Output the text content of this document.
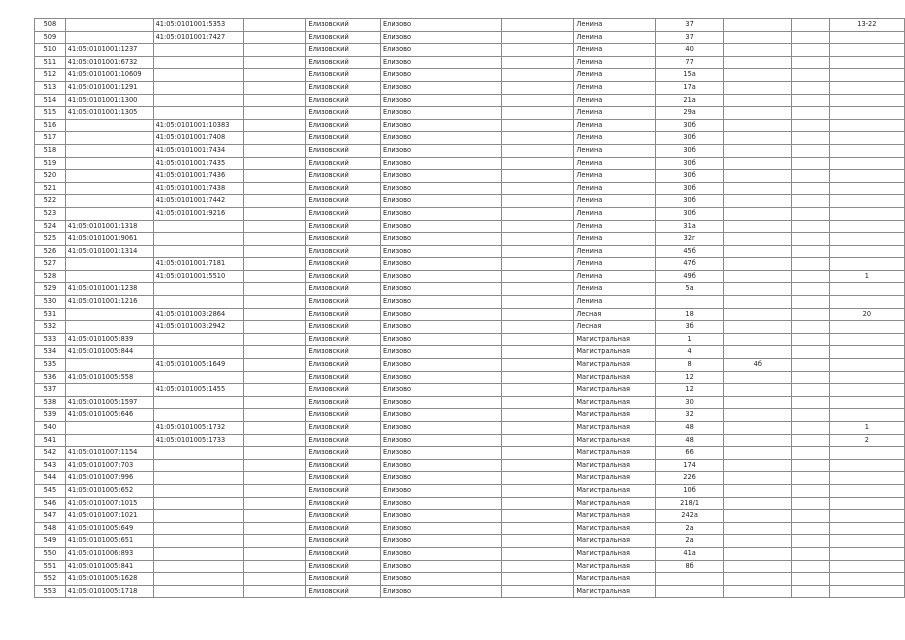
508		41:05:0101001:5353		Елизовский	Елизово		Ленина	37			13-22
509		41:05:0101001:7427		Елизовский	Елизово		Ленина	37			
510	41:05:0101001:1237			Елизовский	Елизово		Ленина	40			
511	41:05:0101001:6732			Елизовский	Елизово		Ленина	77			
512	41:05:0101001:10609			Елизовский	Елизово		Ленина	15а			
513	41:05:0101001:1291			Елизовский	Елизово		Ленина	17а			
514	41:05:0101001:1300			Елизовский	Елизово		Ленина	21а			
515	41:05:0101001:1305			Елизовский	Елизово		Ленина	29а			
516		41:05:0101001:10383		Елизовский	Елизово		Ленина	30б			
517		41:05:0101001:7408		Елизовский	Елизово		Ленина	30б			
518		41:05:0101001:7434		Елизовский	Елизово		Ленина	30б			
519		41:05:0101001:7435		Елизовский	Елизово		Ленина	30б			
520		41:05:0101001:7436		Елизовский	Елизово		Ленина	30б			
521		41:05:0101001:7438		Елизовский	Елизово		Ленина	30б			
522		41:05:0101001:7442		Елизовский	Елизово		Ленина	30б			
523		41:05:0101001:9216		Елизовский	Елизово		Ленина	30б			
524	41:05:0101001:1318			Елизовский	Елизово		Ленина	31а			
525	41:05:0101001:9061			Елизовский	Елизово		Ленина	32г			
526	41:05:0101001:1314			Елизовский	Елизово		Ленина	45б			
527		41:05:0101001:7181		Елизовский	Елизово		Ленина	47б			
528		41:05:0101001:5510		Елизовский	Елизово		Ленина	49б			1
529	41:05:0101001:1238			Елизовский	Елизово		Ленина	5а			
530	41:05:0101001:1216			Елизовский	Елизово		Ленина				
531		41:05:0101003:2864		Елизовский	Елизово		Лесная	18			20
532		41:05:0101003:2942		Елизовский	Елизово		Лесная	3б			
533	41:05:0101005:839			Елизовский	Елизово		Магистральная	1			
534	41:05:0101005:844			Елизовский	Елизово		Магистральная	4			
535		41:05:0101005:1649		Елизовский	Елизово		Магистральная	8	4б		
536	41:05:0101005:558			Елизовский	Елизово		Магистральная	12			
537		41:05:0101005:1455		Елизовский	Елизово		Магистральная	12			
538	41:05:0101005:1597			Елизовский	Елизово		Магистральная	30			
539	41:05:0101005:646			Елизовский	Елизово		Магистральная	32			
540		41:05:0101005:1732		Елизовский	Елизово		Магистральная	48			1
541		41:05:0101005:1733		Елизовский	Елизово		Магистральная	48			2
542	41:05:0101007:1154			Елизовский	Елизово		Магистральная	66			
543	41:05:0101007:703			Елизовский	Елизово		Магистральная	174			
544	41:05:0101007:996			Елизовский	Елизово		Магистральная	226			
545	41:05:0101005:652			Елизовский	Елизово		Магистральная	10б			
546	41:05:0101007:1015			Елизовский	Елизово		Магистральная	218/1			
547	41:05:0101007:1021			Елизовский	Елизово		Магистральная	242а			
548	41:05:0101005:649			Елизовский	Елизово		Магистральная	2а			
549	41:05:0101005:651			Елизовский	Елизово		Магистральная	2а			
550	41:05:0101006:893			Елизовский	Елизово		Магистральная	41а			
551	41:05:0101005:841			Елизовский	Елизово		Магистральная	8б			
552	41:05:0101005:1628			Елизовский	Елизово		Магистральная				
553	41:05:0101005:1718			Елизовский	Елизово		Магистральная				
